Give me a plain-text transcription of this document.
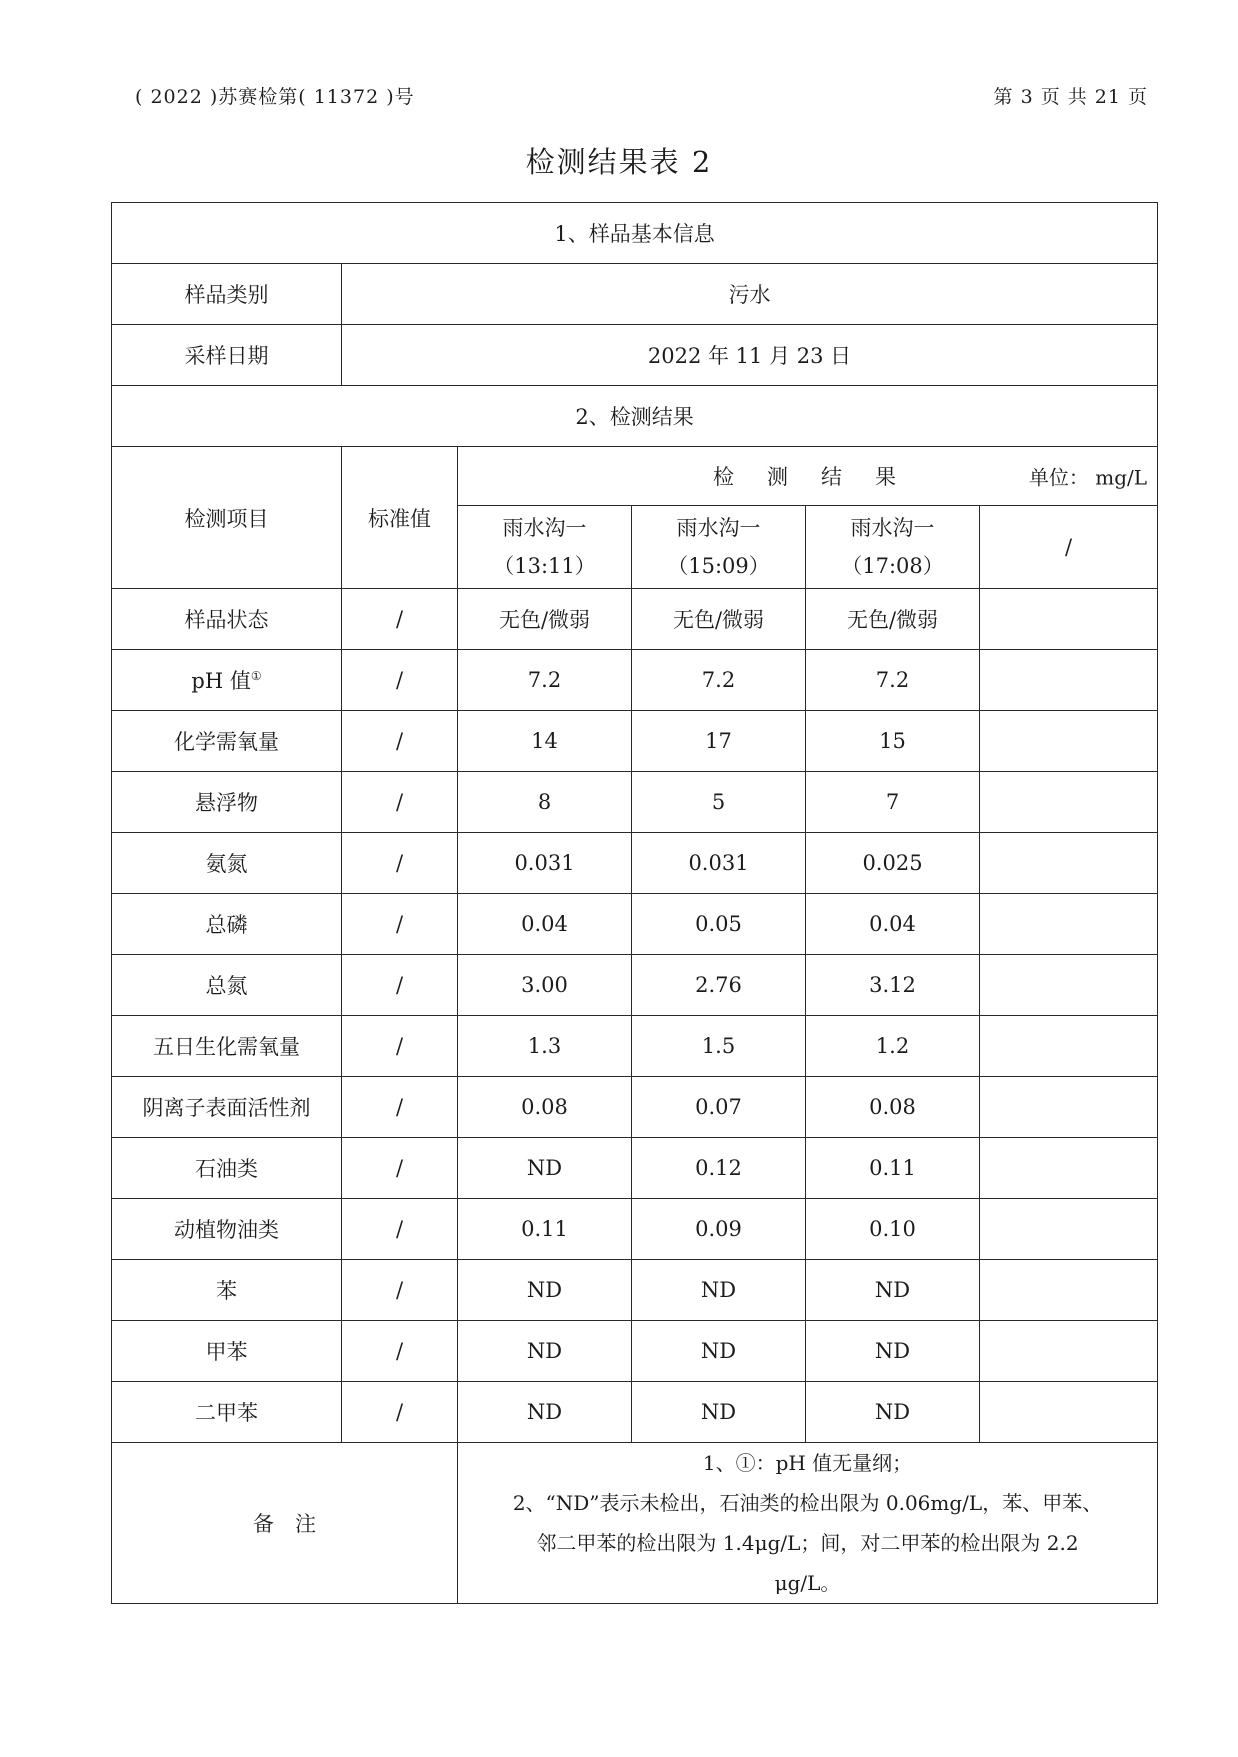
( 2022 )苏赛检第( 11372 )号	第 3 页 共 21 页
检测结果表 2
1、样品基本信息					
样品类别	污水				
采样日期	2022 年 11 月 23 日				
2、检测结果					
检测项目	标准值	检　测　结　果 单位： mg/L			

		雨水沟一
（13:11）	雨水沟一
（15:09）	雨水沟一
（17:08）	/
样品状态	/	无色/微弱	无色/微弱	无色/微弱	
pH 值①	/	7.2	7.2	7.2	
化学需氧量	/	14	17	15	
悬浮物	/	8	5	7	
氨氮	/	0.031	0.031	0.025	
总磷	/	0.04	0.05	0.04	
总氮	/	3.00	2.76	3.12	
五日生化需氧量	/	1.3	1.5	1.2	
阴离子表面活性剂	/	0.08	0.07	0.08	
石油类	/	ND	0.12	0.11	
动植物油类	/	0.11	0.09	0.10	
苯	/	ND	ND	ND	
甲苯	/	ND	ND	ND	
二甲苯	/	ND	ND	ND	
备　注		1、①：pH 值无量纲；
2、“ND”表示未检出，石油类的检出限为 0.06mg/L，苯、甲苯、
邻二甲苯的检出限为 1.4μg/L；间，对二甲苯的检出限为 2.2
μg/L。			
